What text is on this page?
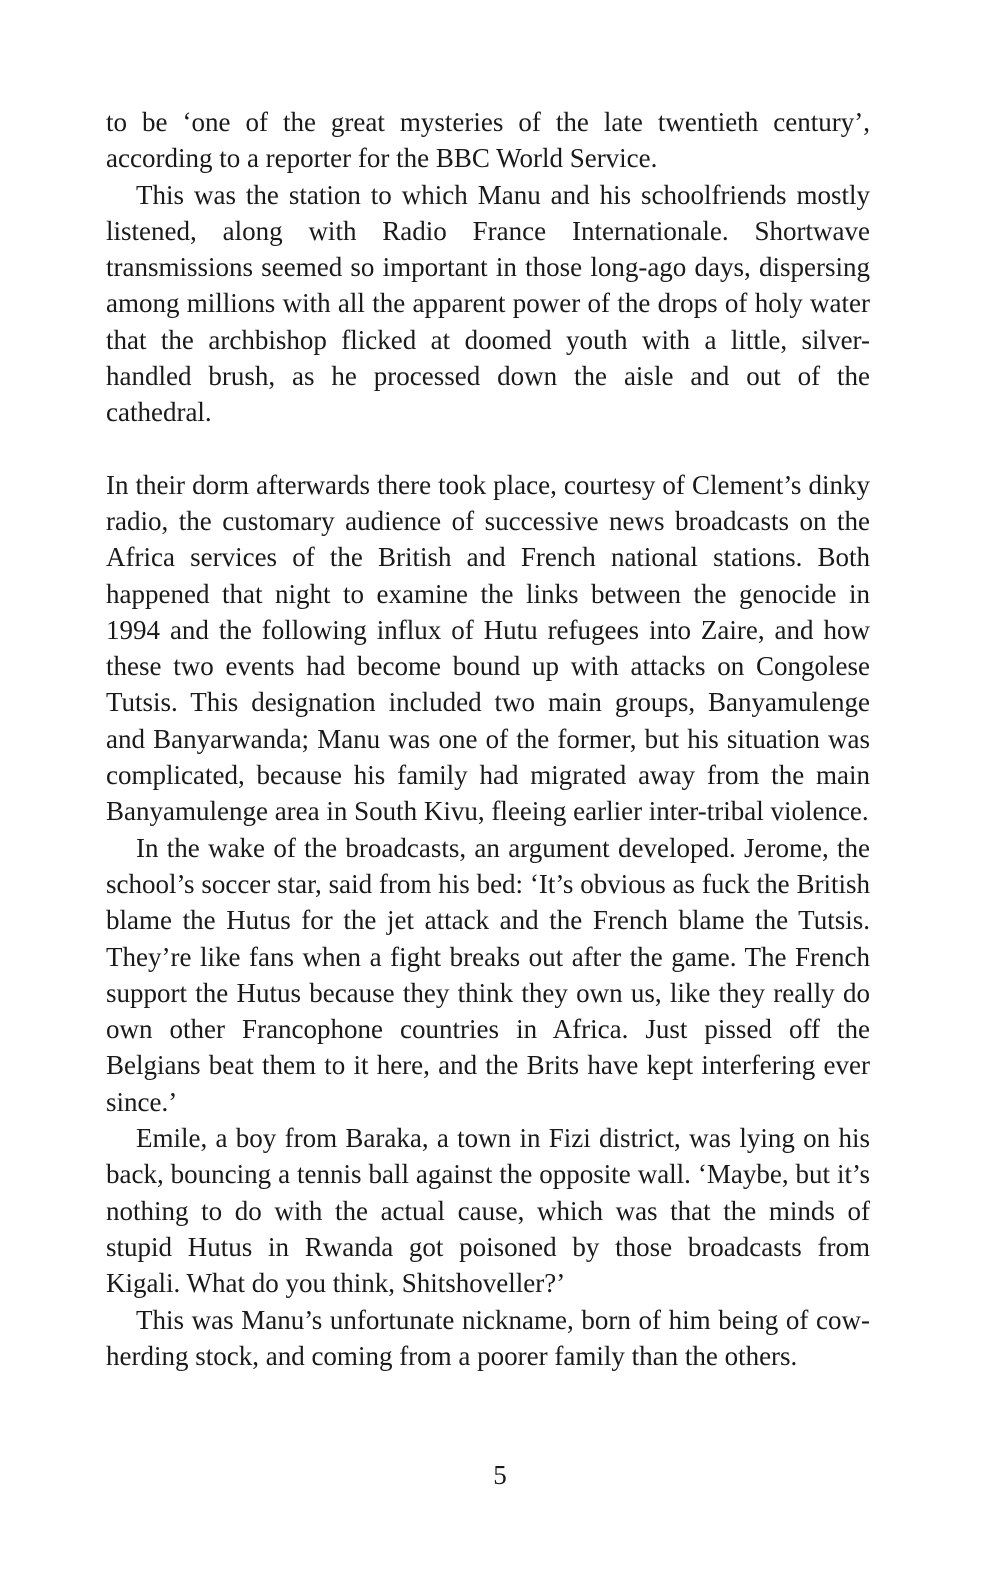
to be ‘one of the great mysteries of the late twentieth century’, according to a reporter for the BBC World Service.

This was the station to which Manu and his schoolfriends mostly listened, along with Radio France Internationale. Shortwave transmissions seemed so important in those long-ago days, dispersing among millions with all the apparent power of the drops of holy water that the archbishop flicked at doomed youth with a little, silver-handled brush, as he processed down the aisle and out of the cathedral.

In their dorm afterwards there took place, courtesy of Clement’s dinky radio, the customary audience of successive news broadcasts on the Africa services of the British and French national stations. Both happened that night to examine the links between the genocide in 1994 and the following influx of Hutu refugees into Zaire, and how these two events had become bound up with attacks on Congolese Tutsis. This designation included two main groups, Banyamulenge and Banyarwanda; Manu was one of the former, but his situation was complicated, because his family had migrated away from the main Banyamulenge area in South Kivu, fleeing earlier inter-tribal violence.

In the wake of the broadcasts, an argument developed. Jerome, the school’s soccer star, said from his bed: ‘It’s obvious as fuck the British blame the Hutus for the jet attack and the French blame the Tutsis. They’re like fans when a fight breaks out after the game. The French support the Hutus because they think they own us, like they really do own other Francophone countries in Africa. Just pissed off the Belgians beat them to it here, and the Brits have kept interfering ever since.’

Emile, a boy from Baraka, a town in Fizi district, was lying on his back, bouncing a tennis ball against the opposite wall. ‘Maybe, but it’s nothing to do with the actual cause, which was that the minds of stupid Hutus in Rwanda got poisoned by those broadcasts from Kigali. What do you think, Shitshoveller?’

This was Manu’s unfortunate nickname, born of him being of cow-herding stock, and coming from a poorer family than the others.

5
